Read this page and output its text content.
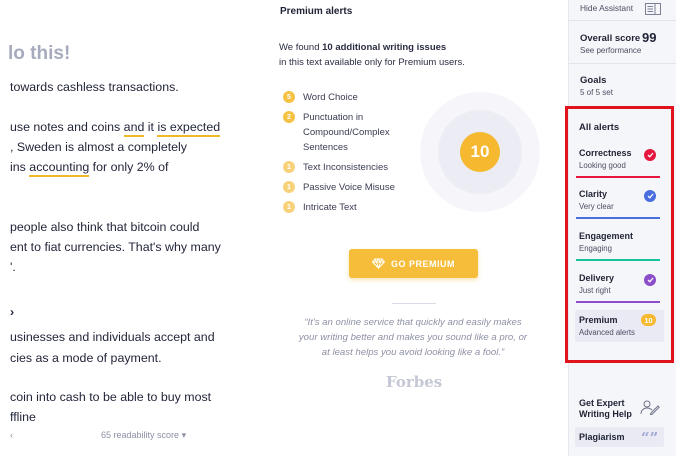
lo this!
towards cashless transactions.
use notes and coins and it is expected
, Sweden is almost a completely
ins accounting for only 2% of
people also think that bitcoin could
ent to fiat currencies. That's why many
'.
›
usinesses and individuals accept and
cies as a mode of payment.
coin into cash to be able to buy most
ffline
‹	65 readability score ▾
Premium alerts
We found 10 additional writing issues
in this text available only for Premium users.
5	Word Choice
2	Punctuation in Compound/Complex Sentences
1	Text Inconsistencies
1	Passive Voice Misuse
1	Intricate Text
10
GO PREMIUM
“It's an online service that quickly and easily makes your writing better and makes you sound like a pro, or at least helps you avoid looking like a fool.”
Forbes
Hide Assistant
Overall score 99
See performance
Goals
5 of 5 set
All alerts
Correctness
Looking good
Clarity
Very clear
Engagement
Engaging
Delivery
Just right
Premium
Advanced alerts
10
Get Expert Writing Help
Plagiarism “”
